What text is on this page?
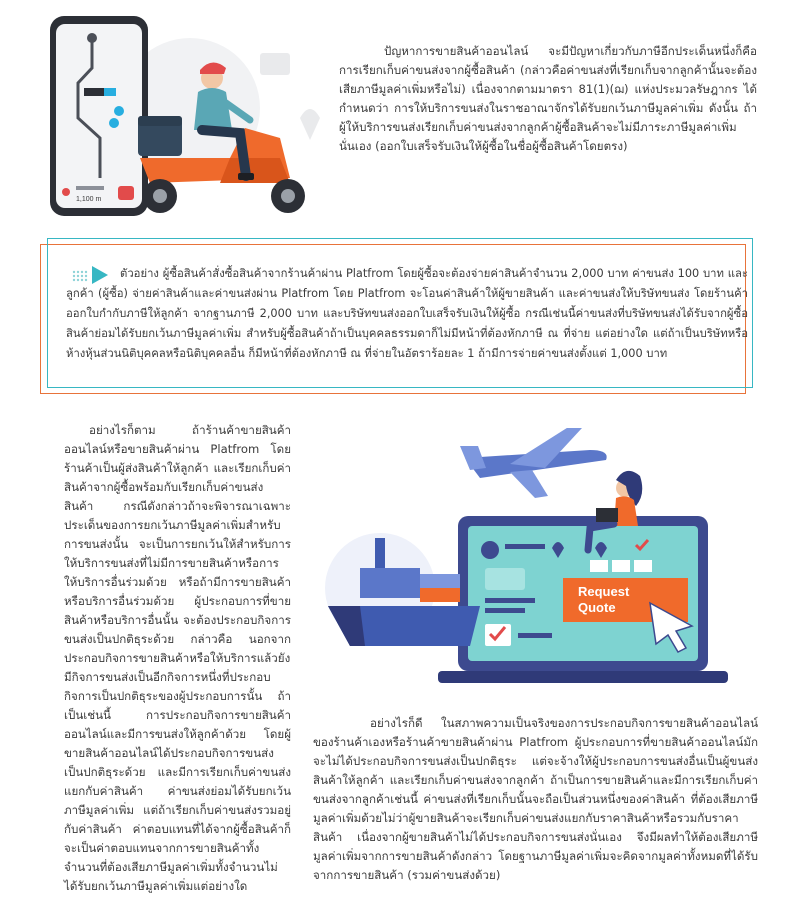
1,100 m

ปัญหาการขายสินค้าออนไลน์ จะมีปัญหาเกี่ยวกับภาษีอีกประเด็นหนึ่งก็คือ การเรียกเก็บค่าขนส่งจากผู้ซื้อสินค้า (กล่าวคือค่าขนส่งที่เรียกเก็บจากลูกค้านั้นจะต้องเสียภาษีมูลค่าเพิ่มหรือไม่) เนื่องจากตามมาตรา 81(1)(ฌ) แห่งประมวลรัษฎากร ได้กำหนดว่า การให้บริการขนส่งในราชอาณาจักรได้รับยกเว้นภาษีมูลค่าเพิ่ม ดังนั้น ถ้าผู้ให้บริการขนส่งเรียกเก็บค่าขนส่งจากลูกค้าผู้ซื้อสินค้าจะไม่มีภาระภาษีมูลค่าเพิ่มนั่นเอง (ออกใบเสร็จรับเงินให้ผู้ซื้อในชื่อผู้ซื้อสินค้าโดยตรง)

ตัวอย่าง ผู้ซื้อสินค้าสั่งซื้อสินค้าจากร้านค้าผ่าน Platfrom โดยผู้ซื้อจะต้องจ่ายค่าสินค้าจำนวน 2,000 บาท ค่าขนส่ง 100 บาท และลูกค้า (ผู้ซื้อ) จ่ายค่าสินค้าและค่าขนส่งผ่าน Platfrom โดย Platfrom จะโอนค่าสินค้าให้ผู้ขายสินค้า และค่าขนส่งให้บริษัทขนส่ง โดยร้านค้าออกใบกำกับภาษีให้ลูกค้า จากฐานภาษี 2,000 บาท และบริษัทขนส่งออกใบเสร็จรับเงินให้ผู้ซื้อ กรณีเช่นนี้ค่าขนส่งที่บริษัทขนส่งได้รับจากผู้ซื้อสินค้าย่อมได้รับยกเว้นภาษีมูลค่าเพิ่ม สำหรับผู้ซื้อสินค้าถ้าเป็นบุคคลธรรมดาก็ไม่มีหน้าที่ต้องหักภาษี ณ ที่จ่าย แต่อย่างใด แต่ถ้าเป็นบริษัทหรือห้างหุ้นส่วนนิติบุคคลหรือนิติบุคคลอื่น ก็มีหน้าที่ต้องหักภาษี ณ ที่จ่ายในอัตราร้อยละ 1 ถ้ามีการจ่ายค่าขนส่งตั้งแต่ 1,000 บาท

อย่างไรก็ตาม ถ้าร้านค้าขายสินค้าออนไลน์หรือขายสินค้าผ่าน Platfrom โดยร้านค้าเป็นผู้ส่งสินค้าให้ลูกค้า และเรียกเก็บค่าสินค้าจากผู้ซื้อพร้อมกับเรียกเก็บค่าขนส่งสินค้า กรณีดังกล่าวถ้าจะพิจารณาเฉพาะประเด็นของการยกเว้นภาษีมูลค่าเพิ่มสำหรับการขนส่งนั้น จะเป็นการยกเว้นให้สำหรับการให้บริการขนส่งที่ไม่มีการขายสินค้าหรือการให้บริการอื่นร่วมด้วย หรือถ้ามีการขายสินค้าหรือบริการอื่นร่วมด้วย ผู้ประกอบการที่ขายสินค้าหรือบริการอื่นนั้น จะต้องประกอบกิจการขนส่งเป็นปกติธุระด้วย กล่าวคือ นอกจากประกอบกิจการขายสินค้าหรือให้บริการแล้วยังมีกิจการขนส่งเป็นอีกกิจการหนึ่งที่ประกอบกิจการเป็นปกติธุระของผู้ประกอบการนั้น ถ้าเป็นเช่นนี้ การประกอบกิจการขายสินค้าออนไลน์และมีการขนส่งให้ลูกค้าด้วย โดยผู้ขายสินค้าออนไลน์ได้ประกอบกิจการขนส่งเป็นปกติธุระด้วย และมีการเรียกเก็บค่าขนส่งแยกกับค่าสินค้า ค่าขนส่งย่อมได้รับยกเว้นภาษีมูลค่าเพิ่ม แต่ถ้าเรียกเก็บค่าขนส่งรวมอยู่กับค่าสินค้า ค่าตอบแทนที่ได้จากผู้ซื้อสินค้าก็จะเป็นค่าตอบแทนจากการขายสินค้าทั้งจำนวนที่ต้องเสียภาษีมูลค่าเพิ่มทั้งจำนวนไม่ได้รับยกเว้นภาษีมูลค่าเพิ่มแต่อย่างใด

Request
Quote

อย่างไรก็ดี ในสภาพความเป็นจริงของการประกอบกิจการขายสินค้าออนไลน์ของร้านค้าเองหรือร้านค้าขายสินค้าผ่าน Platfrom ผู้ประกอบการที่ขายสินค้าออนไลน์มักจะไม่ได้ประกอบกิจการขนส่งเป็นปกติธุระ แต่จะจ้างให้ผู้ประกอบการขนส่งอื่นเป็นผู้ขนส่งสินค้าให้ลูกค้า และเรียกเก็บค่าขนส่งจากลูกค้า ถ้าเป็นการขายสินค้าและมีการเรียกเก็บค่าขนส่งจากลูกค้าเช่นนี้ ค่าขนส่งที่เรียกเก็บนั้นจะถือเป็นส่วนหนึ่งของค่าสินค้า ที่ต้องเสียภาษีมูลค่าเพิ่มด้วยไม่ว่าผู้ขายสินค้าจะเรียกเก็บค่าขนส่งแยกกับราคาสินค้าหรือรวมกับราคาสินค้า เนื่องจากผู้ขายสินค้าไม่ได้ประกอบกิจการขนส่งนั่นเอง จึงมีผลทำให้ต้องเสียภาษีมูลค่าเพิ่มจากการขายสินค้าดังกล่าว โดยฐานภาษีมูลค่าเพิ่มจะคิดจากมูลค่าทั้งหมดที่ได้รับจากการขายสินค้า (รวมค่าขนส่งด้วย)
